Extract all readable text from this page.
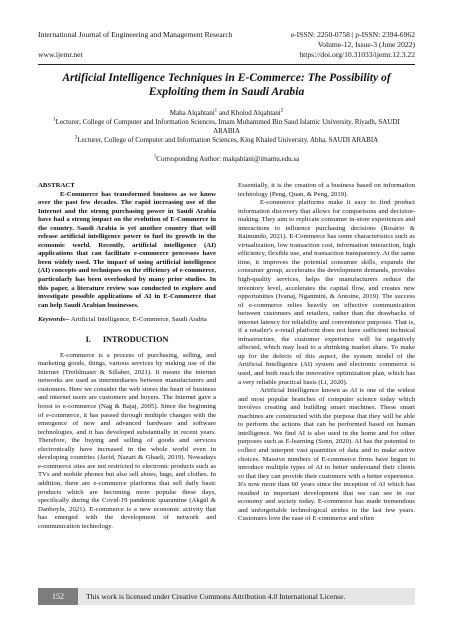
International Journal of Engineering and Management Research	e-ISSN: 2250-0758 | p-ISSN: 2394-6962
Volume-12, Issue-3 (June 2022)
www.ijemr.net	https://doi.org/10.31033/ijemr.12.3.22
Artificial Intelligence Techniques in E-Commerce: The Possibility of Exploiting them in Saudi Arabia
Maha Alqahtani$^1$ and Kholod Alqahtani$^2$
$^1$Lecturer, College of Computer and Information Sciences, Imam Muhammed Bin Saud Islamic University, Riyadh, SAUDI ARABIA
$^2$Lecturer, College of Computer and Information Sciences, King Khaled University, Abha, SAUDI ARABIA
$^1$Corresponding Author: malqahtani@imamu.edu.sa

ABSTRACT

E-Commerce has transformed business as we know over the past few decades. The rapid increasing use of the Internet and the strong purchasing power in Saudi Arabia have had a strong impact on the evolution of E-Commerce in the country. Saudi Arabia is yet another country that will release artificial intelligence power to fuel its growth in the economic world. Recently, artificial intelligence (AI) applications that can facilitate e-commerce processes have been widely used. The impact of using artificial intelligence (AI) concepts and techniques on the efficiency of e-commerce, particularly has been overlooked by many prior studies. In this paper, a literature review was conducted to explore and investigate possible applications of AI in E-Commerce that can help Saudi Arabian businesses.

Keywords-- Artificial Intelligence, E-Commerce, Saudi Arabia

I. INTRODUCTION

E-commerce is a process of purchasing, selling, and marketing goods, things, various services by making use of the Internet (Treiblmaier & Sillaber, 2021). It means the internet networks are used as intermediaries between manufacturers and customers. Here we consider the web stores the heart of business and internet users are customers and buyers. The Internet gave a boost to e-commerce (Nag & Bajaj, 2005). Since the beginning of e-commerce, it has passed through multiple changes with the emergence of new and advanced hardware and software technologies, and it has developed substantially in recent years. Therefore, the buying and selling of goods and services electronically have increased in the whole world even in developing countries (Javid, Nazari & Ghaeli, 2019). Nowadays e-commerce sites are not restricted to electronic products such as TVs and mobile phones but also sell shoes, bags, and clothes. In addition, there are e-commerce platforms that sell daily basic products which are becoming more popular these days, specifically during the Covid-19 pandemic quarantine (Akgül & Danboylu, 2021). E-commerce is a new economic activity that has emerged with the development of network and communication technology.

Essentially, it is the creation of a business based on information technology (Peng, Quan, & Peng, 2019).

E-commerce platforms make it easy to find product information discovery that allows for comparisons and decision-making. They aim to replicate consumer in-store experiences and interactions to influence purchasing decisions (Rosário & Raimundo, 2021). E-Commerce has some characteristics such as virtualization, low transaction cost, information interaction, high efficiency, flexible use, and transaction transparency. At the same time, it improves the potential consumer skills, expands the consumer group, accelerates the development demands, provides high-quality services, helps the manufacturers reduce the inventory level, accelerates the capital flow, and creates new opportunities (Ivanaj, Nganmini, & Antoine, 2019). The success of e-commerce relies heavily on effective communication between customers and retailers, rather than the drawbacks of internet latency for reliability and convenience purposes. That is, if a retailer's e-retail platform does not have sufficient technical infrastructure, the customer experience will be negatively affected, which may lead to a shrinking market share. To make up for the defects of this aspect, the system model of the Artificial Intelligence (AI) system and electronic commerce is used, and both reach the innovative optimization plan, which has a very reliable practical basis (Li, 2020).

Artificial Intelligence known as AI is one of the widest and most popular branches of computer science today which involves creating and building smart machines. These smart machines are constructed with the purpose that they will be able to perform the actions that can be performed based on human intelligence. We find AI is also used in the home and for other purposes such as E-learning (Sonn, 2020). AI has the potential to collect and interpret vast quantities of data and to make active choices. Massive numbers of E-commerce firms have begun to introduce multiple types of AI to better understand their clients so that they can provide their customers with a better experience. It's now more than 60 years since the inception of AI which has resulted in important development that we can see in our economy and society today. E-commerce has made tremendous and unforgettable technological strides in the last few years. Customers love the ease of E-commerce and often

152	This work is licensed under Creative Commons Attribution 4.0 International License.
